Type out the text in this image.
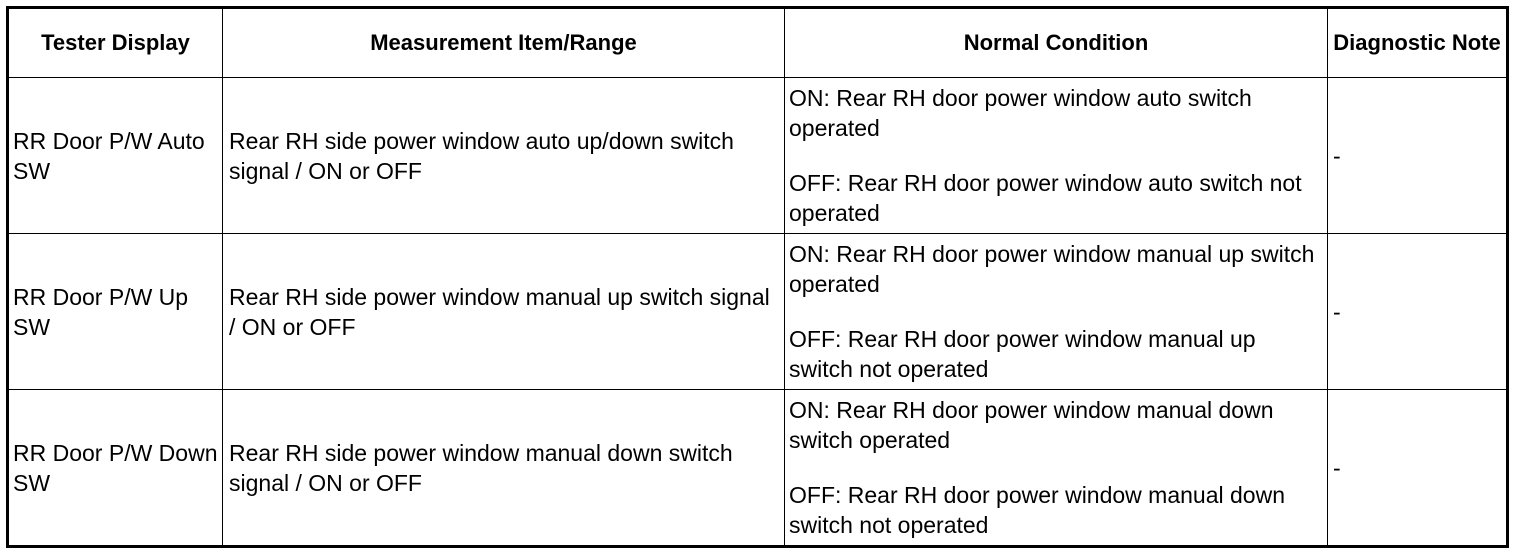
Tester Display	Measurement Item/Range	Normal Condition	Diagnostic Note
RR Door P/W Auto SW	Rear RH side power window auto up/down switch signal / ON or OFF	ON: Rear RH door power window auto switch operated

OFF: Rear RH door power window auto switch not operated	-
RR Door P/W Up SW	Rear RH side power window manual up switch signal / ON or OFF	ON: Rear RH door power window manual up switch operated

OFF: Rear RH door power window manual up switch not operated	-
RR Door P/W Down SW	Rear RH side power window manual down switch signal / ON or OFF	ON: Rear RH door power window manual down switch operated

OFF: Rear RH door power window manual down switch not operated	-
